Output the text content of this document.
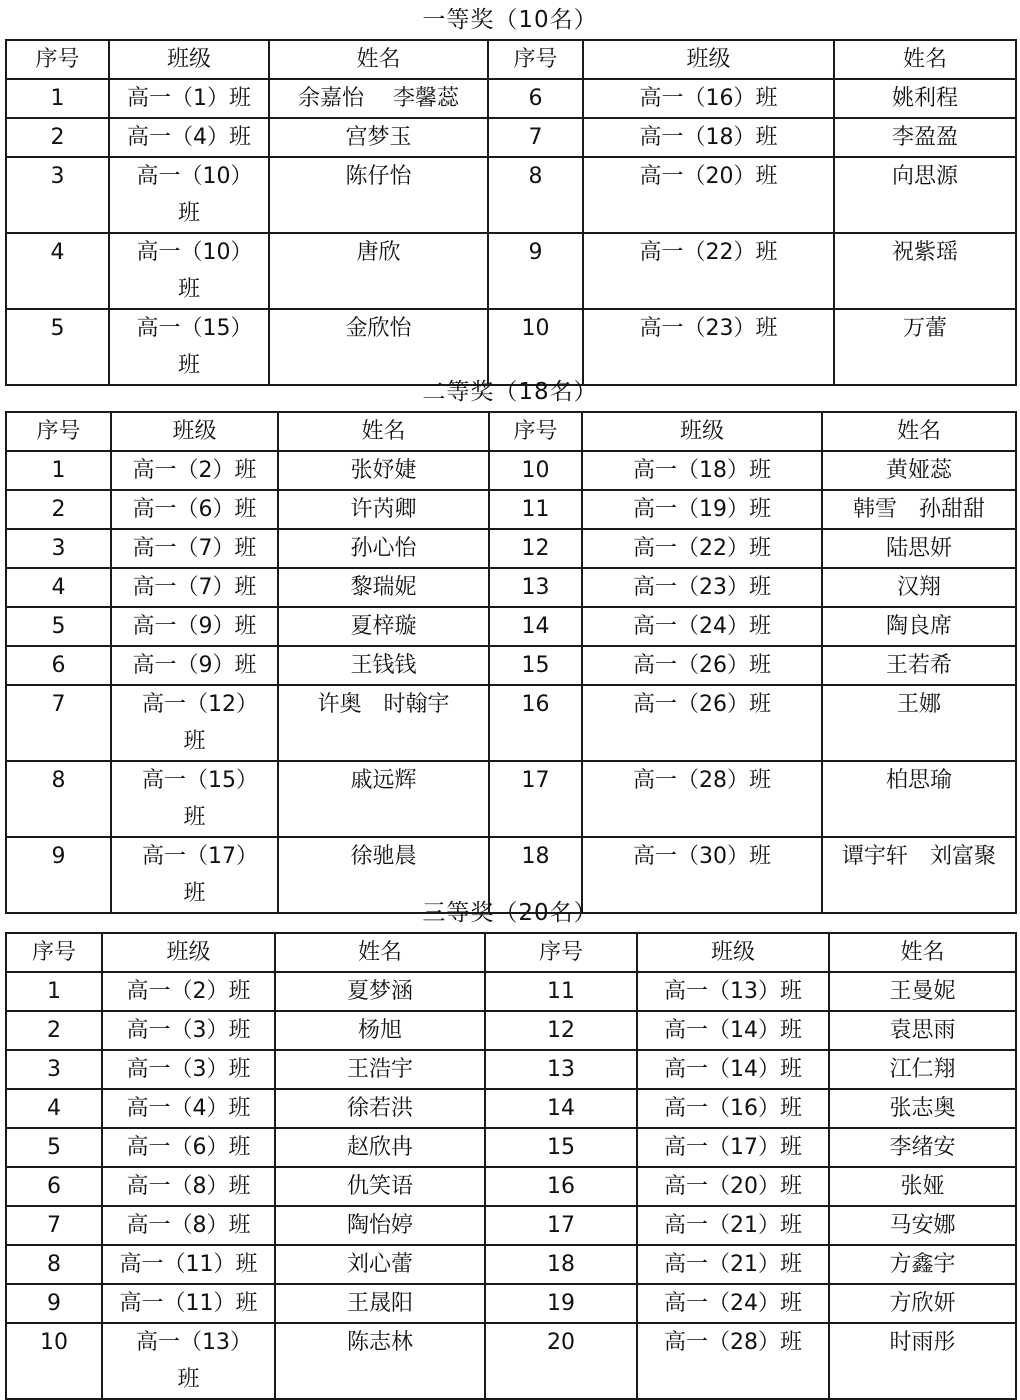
一等奖（10名）
序号	班级	姓名	序号	班级	姓名
1	高一（1）班	余嘉怡　 李馨蕊	6	高一（16）班	姚利程
2	高一（4）班	宫梦玉	7	高一（18）班	李盈盈
3	高一（10）班	陈仔怡	8	高一（20）班	向思源
4	高一（10）班	唐欣	9	高一（22）班	祝紫瑶
5	高一（15）班	金欣怡	10	高一（23）班	万蕾
二等奖（18名）
序号	班级	姓名	序号	班级	姓名
1	高一（2）班	张妤婕	10	高一（18）班	黄娅蕊
2	高一（6）班	许芮卿	11	高一（19）班	韩雪　孙甜甜
3	高一（7）班	孙心怡	12	高一（22）班	陆思妍
4	高一（7）班	黎瑞妮	13	高一（23）班	汉翔
5	高一（9）班	夏梓璇	14	高一（24）班	陶良席
6	高一（9）班	王钱钱	15	高一（26）班	王若希
7	高一（12）班	许奥　时翰宇	16	高一（26）班	王娜
8	高一（15）班	戚远辉	17	高一（28）班	柏思瑜
9	高一（17）班	徐驰晨	18	高一（30）班	谭宇轩　刘富聚
三等奖（20名）
序号	班级	姓名	序号	班级	姓名
1	高一（2）班	夏梦涵	11	高一（13）班	王曼妮
2	高一（3）班	杨旭	12	高一（14）班	袁思雨
3	高一（3）班	王浩宇	13	高一（14）班	江仁翔
4	高一（4）班	徐若洪	14	高一（16）班	张志奥
5	高一（6）班	赵欣冉	15	高一（17）班	李绪安
6	高一（8）班	仇笑语	16	高一（20）班	张娅
7	高一（8）班	陶怡婷	17	高一（21）班	马安娜
8	高一（11）班	刘心蕾	18	高一（21）班	方鑫宇
9	高一（11）班	王晟阳	19	高一（24）班	方欣妍
10	高一（13）班	陈志林	20	高一（28）班	时雨彤
